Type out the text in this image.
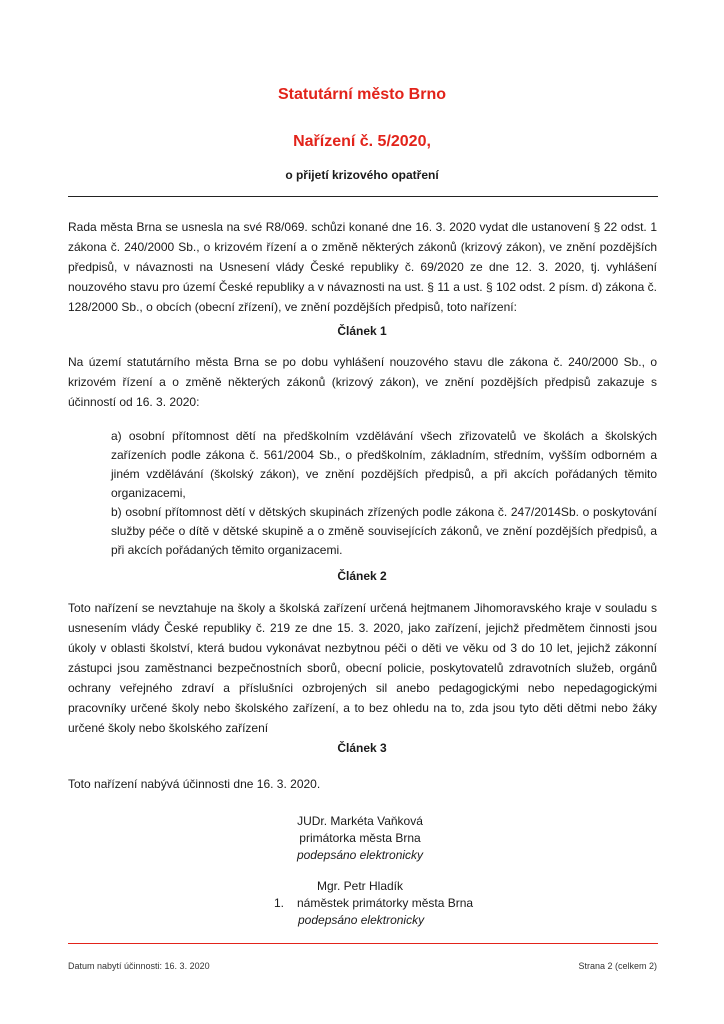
Statutární město Brno
Nařízení č. 5/2020,

o přijetí krizového opatření

Rada města Brna se usnesla na své R8/069. schůzi konané dne 16. 3. 2020 vydat dle ustanovení § 22 odst. 1 zákona č. 240/2000 Sb., o krizovém řízení a o změně některých zákonů (krizový zákon), ve znění pozdějších předpisů, v návaznosti na Usnesení vlády České republiky č. 69/2020 ze dne 12. 3. 2020, tj. vyhlášení nouzového stavu pro území České republiky a v návaznosti na ust. § 11 a ust. § 102 odst. 2 písm. d) zákona č. 128/2000 Sb., o obcích (obecní zřízení), ve znění pozdějších předpisů, toto nařízení:

Článek 1

Na území statutárního města Brna se po dobu vyhlášení nouzového stavu dle zákona č. 240/2000 Sb., o krizovém řízení a o změně některých zákonů (krizový zákon), ve znění pozdějších předpisů zakazuje s účinností od 16. 3. 2020:

a) osobní přítomnost dětí na předškolním vzdělávání všech zřizovatelů ve školách a školských zařízeních podle zákona č. 561/2004 Sb., o předškolním, základním, středním, vyšším odborném a jiném vzdělávání (školský zákon), ve znění pozdějších předpisů, a při akcích pořádaných těmito organizacemi,
b) osobní přítomnost dětí v dětských skupinách zřízených podle zákona č. 247/2014Sb. o poskytování služby péče o dítě v dětské skupině a o změně souvisejících zákonů, ve znění pozdějších předpisů, a při akcích pořádaných těmito organizacemi.

Článek 2

Toto nařízení se nevztahuje na školy a školská zařízení určená hejtmanem Jihomoravského kraje v souladu s usnesením vlády České republiky č. 219 ze dne 15. 3. 2020, jako zařízení, jejichž předmětem činnosti jsou úkoly v oblasti školství, která budou vykonávat nezbytnou péči o děti ve věku od 3 do 10 let, jejichž zákonní zástupci jsou zaměstnanci bezpečnostních sborů, obecní policie, poskytovatelů zdravotních služeb, orgánů ochrany veřejného zdraví a příslušníci ozbrojených sil anebo pedagogickými nebo nepedagogickými pracovníky určené školy nebo školského zařízení, a to bez ohledu na to, zda jsou tyto děti dětmi nebo žáky určené školy nebo školského zařízení

Článek 3

Toto nařízení nabývá účinnosti dne 16. 3. 2020.

JUDr. Markéta Vaňková
primátorka města Brna
podepsáno elektronicky
Mgr. Petr Hladík

1. náměstek primátorky města Brna

podepsáno elektronicky

Datum nabytí účinnosti: 16. 3. 2020	Strana 2 (celkem 2)
